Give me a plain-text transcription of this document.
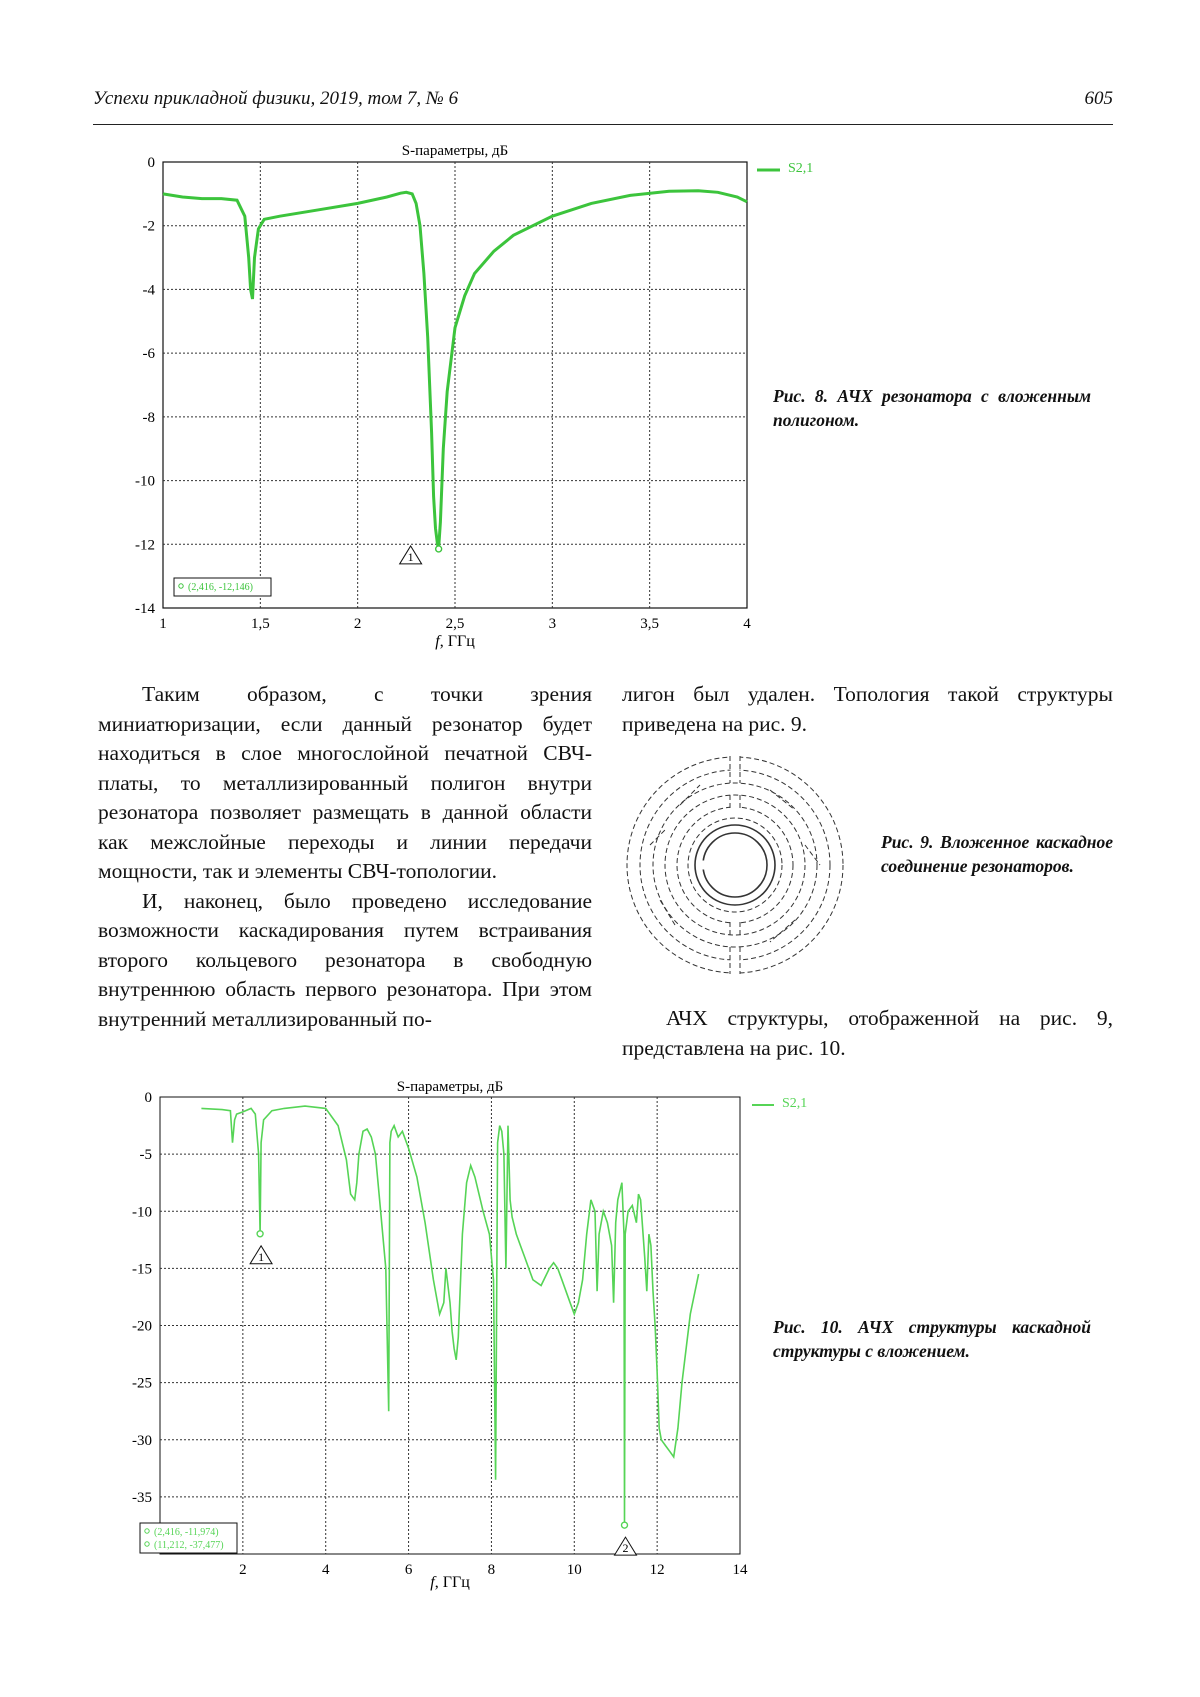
Успехи прикладной физики, 2019, том 7, № 6	605
1	1,5	2	2,5	3	3,5	4
0
-2
-4
-6
-8
-10
-12
-14
S-параметры, дБ
f, ГГц
1
(2,416, -12,146)
S2,1
Рис. 8. АЧХ резонатора с вложенным полигоном.

Таким образом, с точки зрения миниатюризации, если данный резонатор будет находиться в слое многослойной печатной СВЧ-платы, то металлизированный полигон внутри резонатора позволяет размещать в данной области как межслойные переходы и линии передачи мощности, так и элементы СВЧ-топологии.

И, наконец, было проведено исследование возможности каскадирования путем встраивания второго кольцевого резонатора в свободную внутреннюю область первого резонатора. При этом внутренний металлизированный по-

лигон был удален. Топология такой структуры приведена на рис. 9.

Рис. 9. Вложенное каскадное соединение резонаторов.

АЧХ структуры, отображенной на рис. 9, представлена на рис. 10.

2	4	6	8	10	12	14
0
-5
-10
-15
-20
-25
-30
-35
S-параметры, дБ
f, ГГц
1
2
(2,416, -11,974)
(11,212, -37,477)
S2,1
Рис. 10. АЧХ структуры каскадной структуры с вложением.
